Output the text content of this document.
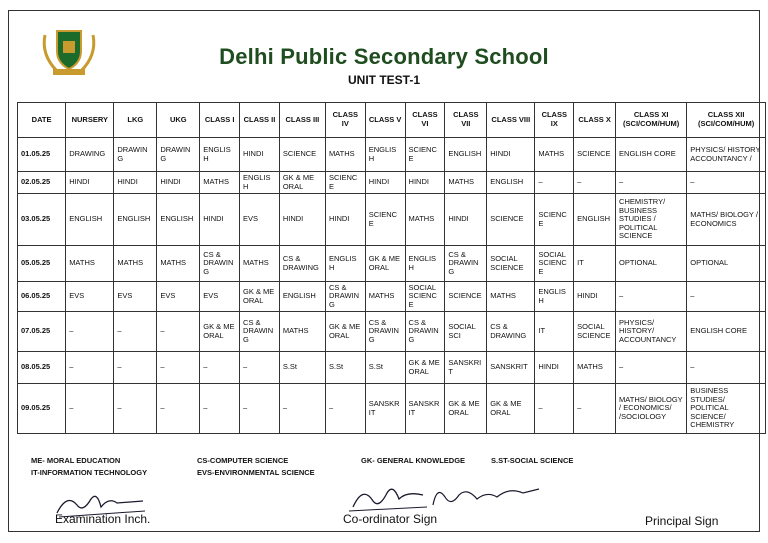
Delhi Public Secondary School
UNIT TEST-1
DATE	NURSERY	LKG	UKG	CLASS I	CLASS II	CLASS III	CLASS IV	CLASS V	CLASS VI	CLASS VII	CLASS VIII	CLASS IX	CLASS X	CLASS XI (SCI/COM/HUM)	CLASS XII (SCI/COM/HUM)
01.05.25	DRAWING	DRAWING	DRAWING	ENGLISH	HINDI	SCIENCE	MATHS	ENGLISH	SCIENCE	ENGLISH	HINDI	MATHS	SCIENCE	ENGLISH CORE	PHYSICS/ HISTORY ACCOUNTANCY /
02.05.25	HINDI	HINDI	HINDI	MATHS	ENGLISH	GK & ME ORAL	SCIENCE	HINDI	HINDI	MATHS	ENGLISH	–	–	–	–
03.05.25	ENGLISH	ENGLISH	ENGLISH	HINDI	EVS	HINDI	HINDI	SCIENCE	MATHS	HINDI	SCIENCE	SCIENCE	ENGLISH	CHEMISTRY/ BUSINESS STUDIES / POLITICAL SCIENCE	MATHS/ BIOLOGY / ECONOMICS
05.05.25	MATHS	MATHS	MATHS	CS & DRAWING	MATHS	CS & DRAWING	ENGLISH	GK & ME ORAL	ENGLISH	CS & DRAWING	SOCIAL SCIENCE	SOCIAL SCIENCE	IT	OPTIONAL	OPTIONAL
06.05.25	EVS	EVS	EVS	EVS	GK & ME ORAL	ENGLISH	CS & DRAWING	MATHS	SOCIAL SCIENCE	SCIENCE	MATHS	ENGLISH	HINDI	–	–
07.05.25	–	–	–	GK & ME ORAL	CS & DRAWING	MATHS	GK & ME ORAL	CS & DRAWING	CS & DRAWING	SOCIAL SCI	CS & DRAWING	IT	SOCIAL SCIENCE	PHYSICS/ HISTORY/ ACCOUNTANCY	ENGLISH CORE
08.05.25	–	–	–	–	–	S.St	S.St	S.St	GK & ME ORAL	SANSKRIT	SANSKRIT	HINDI	MATHS	–	–
09.05.25	–	–	–	–	–	–	–	SANSKRIT	SANSKRIT	GK & ME ORAL	GK & ME ORAL	–	–	MATHS/ BIOLOGY / ECONOMICS/ /SOCIOLOGY	BUSINESS STUDIES/ POLITICAL SCIENCE/ CHEMISTRY
ME- MORAL EDUCATION
IT-INFORMATION TECHNOLOGY
CS-COMPUTER SCIENCE
EVS-ENVIRONMENTAL SCIENCE
GK- GENERAL KNOWLEDGE	S.ST-SOCIAL SCIENCE
Examination Inch.	Co-ordinator Sign	Principal Sign
